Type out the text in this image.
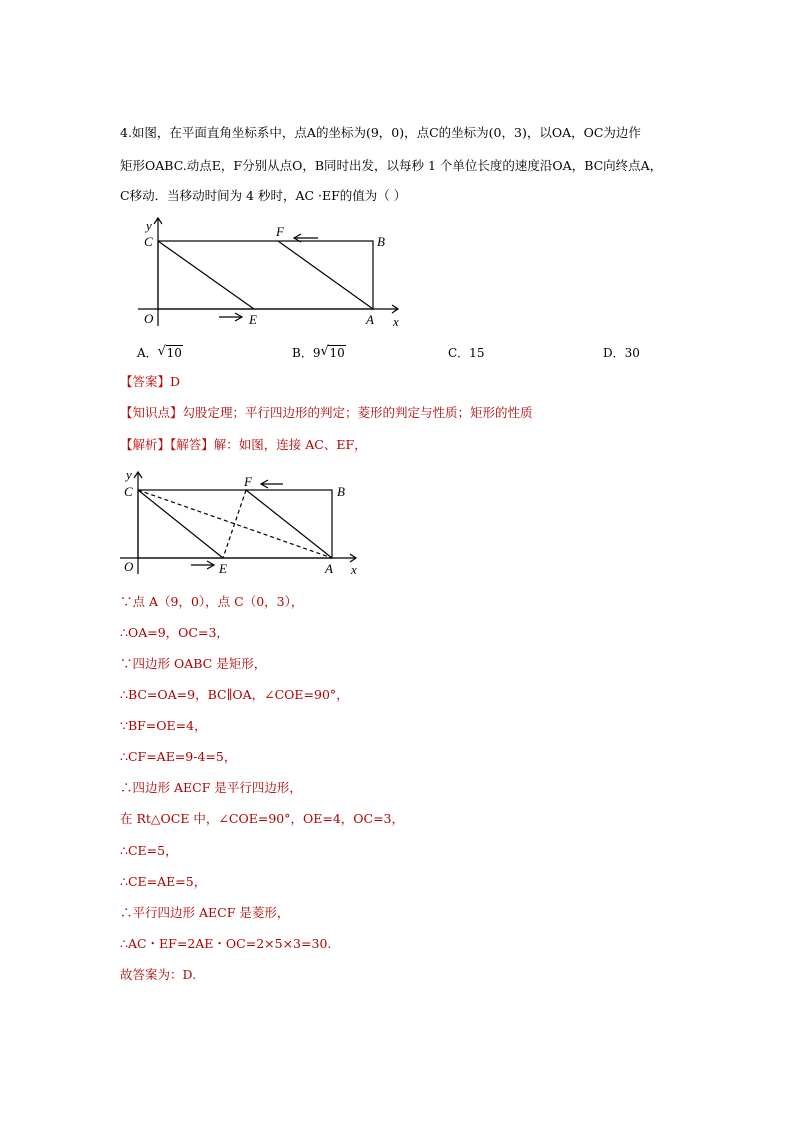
4.如图，在平面直角坐标系中，点A的坐标为(9，0)，点C的坐标为(0，3)，以OA，OC为边作
矩形OABC.动点E，F分别从点O，B同时出发，以每秒 1 个单位长度的速度沿OA，BC向终点A，
C移动．当移动时间为 4 秒时，AC ·EF的值为（ ）
y
x
C	B
F
O	E	A
A． √ 10	B．9 √ 10	C．15	D．30
【答案】D
【知识点】勾股定理；平行四边形的判定；菱形的判定与性质；矩形的性质
【解析】【解答】解：如图，连接 AC、EF，
y
x
C	B
F
O	E	A
∵点 A（9，0），点 C（0，3），
∴OA=9，OC=3，
∵四边形 OABC 是矩形，
∴BC=OA=9，BC∥OA，∠COE=90°，
∵BF=OE=4，
∴CF=AE=9-4=5，
∴四边形 AECF 是平行四边形，
在 Rt△OCE 中，∠COE=90°，OE=4，OC=3，
∴CE=5，
∴CE=AE=5，
∴平行四边形 AECF 是菱形，
∴AC・EF=2AE・OC=2×5×3=30.
故答案为：D.
